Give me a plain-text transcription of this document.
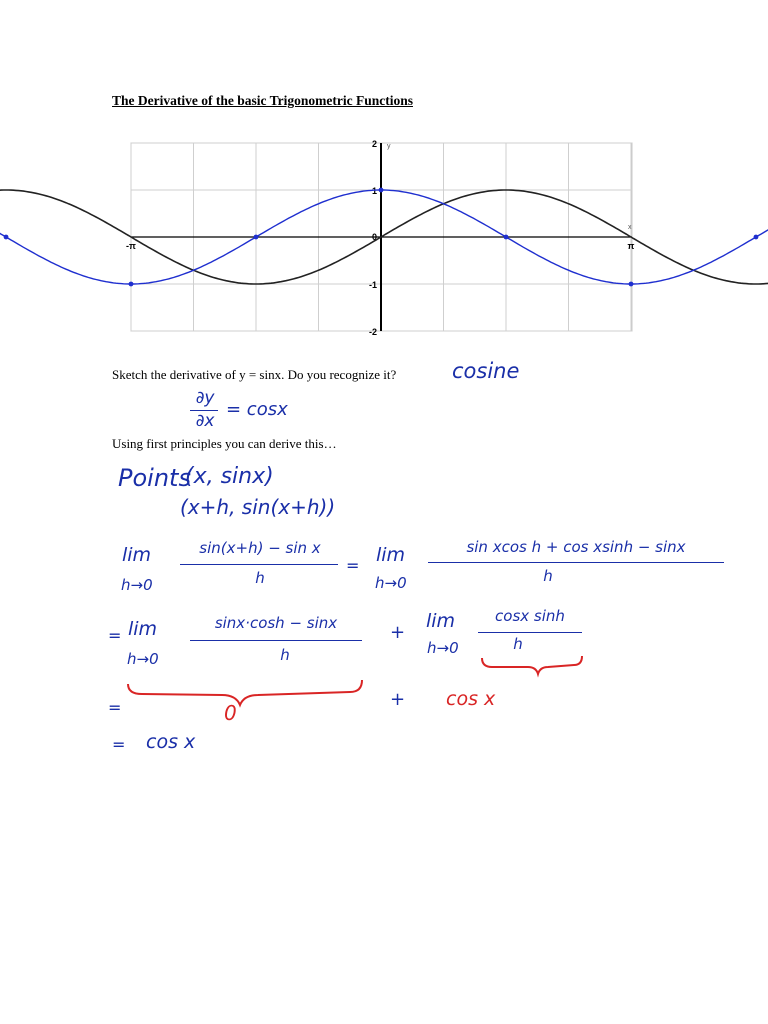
The Derivative of the basic Trigonometric Functions
-π
0
π
2
1
-1
-2
y
x
Sketch the derivative of y = sinx. Do you recognize it?	cosine
∂y
∂x
= cosx
Using first principles you can derive this…
Points
(x, sinx)
(x+h, sin(x+h))
lim
h→0
sin(x+h) − sin x
h
= lim
h→0
sin xcos h + cos xsinh − sinx
h
= lim
h→0
sinx·cosh − sinx
h
+
lim
h→0
cosx sinh
h
=	0
+ cos x
= cos x
